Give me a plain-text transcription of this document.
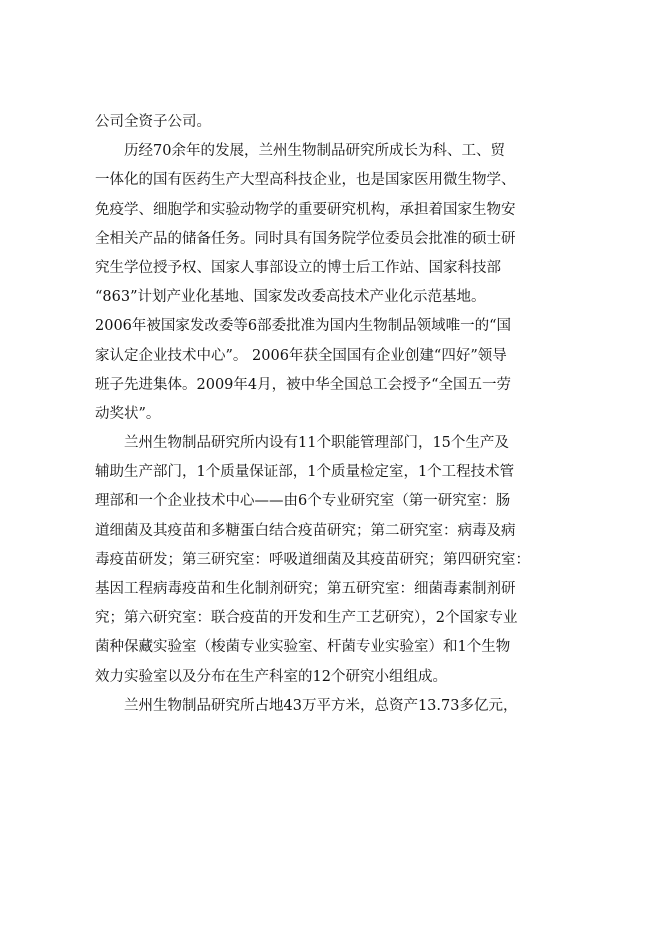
公司全资子公司。
　　历经70余年的发展，兰州生物制品研究所成长为科、工、贸
一体化的国有医药生产大型高科技企业，也是国家医用微生物学、
免疫学、细胞学和实验动物学的重要研究机构，承担着国家生物安
全相关产品的储备任务。同时具有国务院学位委员会批准的硕士研
究生学位授予权、国家人事部设立的博士后工作站、国家科技部
“863”计划产业化基地、国家发改委高技术产业化示范基地。
2006年被国家发改委等6部委批准为国内生物制品领域唯一的“国
家认定企业技术中心”。 2006年获全国国有企业创建“四好”领导
班子先进集体。2009年4月，被中华全国总工会授予“全国五一劳
动奖状”。
　　兰州生物制品研究所内设有11个职能管理部门，15个生产及
辅助生产部门，1个质量保证部，1个质量检定室，1个工程技术管
理部和一个企业技术中心——由6个专业研究室（第一研究室：肠
道细菌及其疫苗和多糖蛋白结合疫苗研究；第二研究室：病毒及病
毒疫苗研发；第三研究室：呼吸道细菌及其疫苗研究；第四研究室：
基因工程病毒疫苗和生化制剂研究；第五研究室：细菌毒素制剂研
究；第六研究室：联合疫苗的开发和生产工艺研究），2个国家专业
菌种保藏实验室（梭菌专业实验室、杆菌专业实验室）和1个生物
效力实验室以及分布在生产科室的12个研究小组组成。
　　兰州生物制品研究所占地43万平方米，总资产13.73多亿元，
